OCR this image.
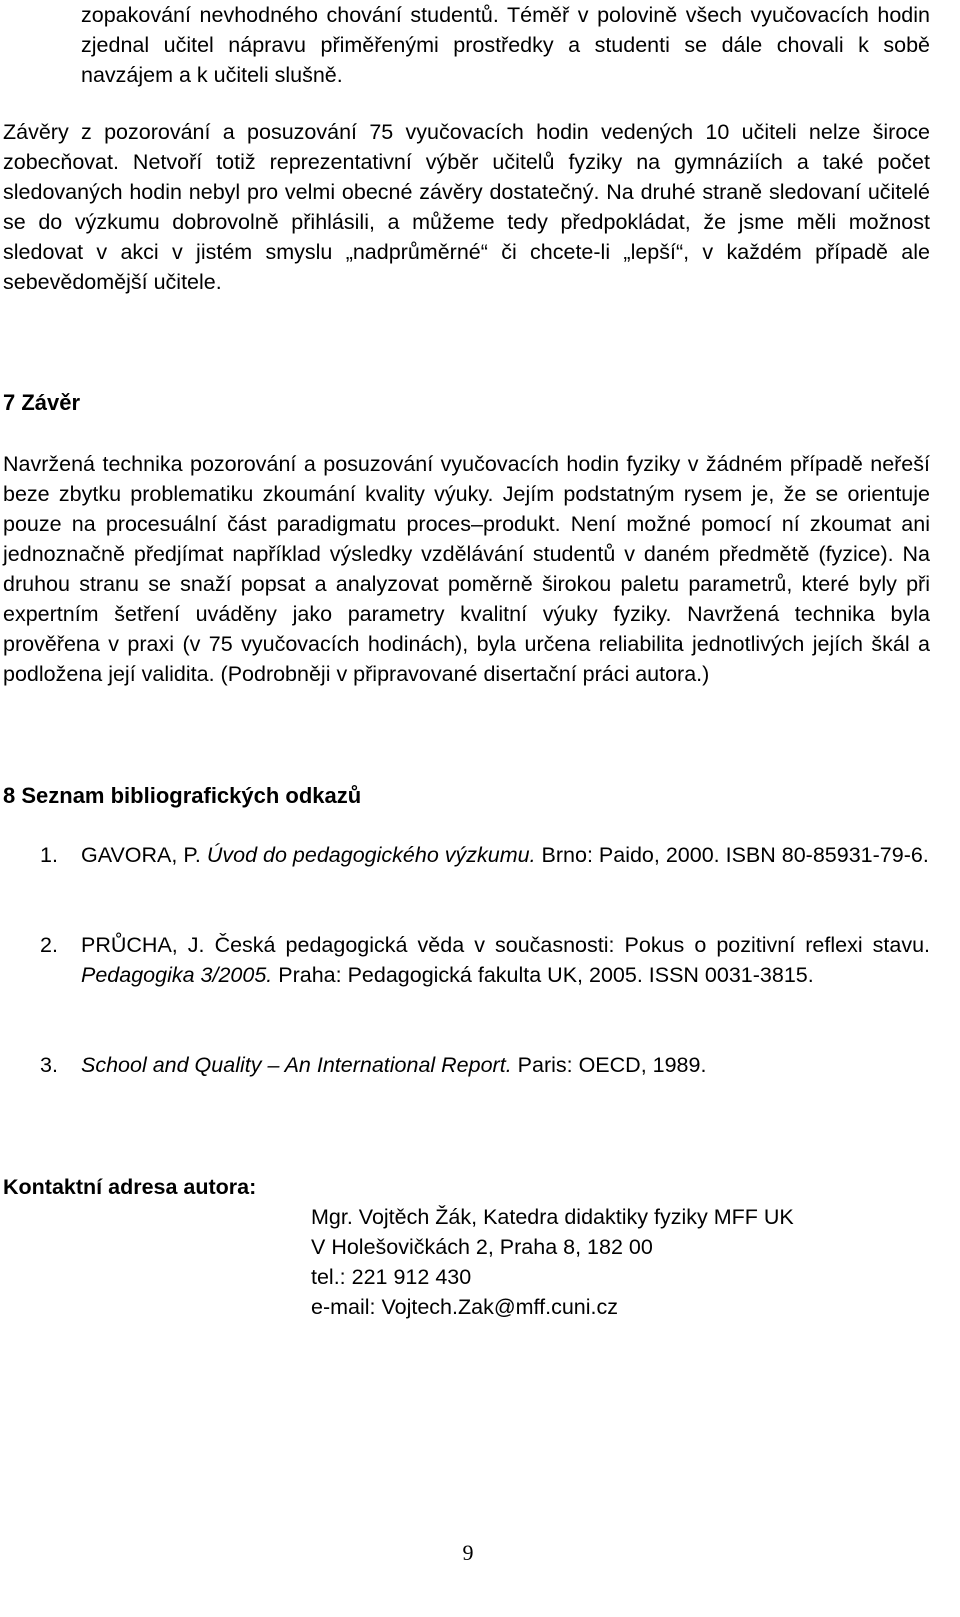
zopakování nevhodného chování studentů. Téměř v polovině všech vyučovacích hodin zjednal učitel nápravu přiměřenými prostředky a studenti se dále chovali k sobě navzájem a k učiteli slušně.

Závěry z pozorování a posuzování 75 vyučovacích hodin vedených 10 učiteli nelze široce zobecňovat. Netvoří totiž reprezentativní výběr učitelů fyziky na gymnáziích a také počet sledovaných hodin nebyl pro velmi obecné závěry dostatečný. Na druhé straně sledovaní učitelé se do výzkumu dobrovolně přihlásili, a můžeme tedy předpokládat, že jsme měli možnost sledovat v akci v jistém smyslu „nadprůměrné“ či chcete-li „lepší“, v každém případě ale sebevědomější učitele.

7 Závěr

Navržená technika pozorování a posuzování vyučovacích hodin fyziky v žádném případě neřeší beze zbytku problematiku zkoumání kvality výuky. Jejím podstatným rysem je, že se orientuje pouze na procesuální část paradigmatu proces–produkt. Není možné pomocí ní zkoumat ani jednoznačně předjímat například výsledky vzdělávání studentů v daném předmětě (fyzice). Na druhou stranu se snaží popsat a analyzovat poměrně širokou paletu parametrů, které byly při expertním šetření uváděny jako parametry kvalitní výuky fyziky. Navržená technika byla prověřena v praxi (v 75 vyučovacích hodinách), byla určena reliabilita jednotlivých jejích škál a podložena její validita. (Podrobněji v připravované disertační práci autora.)

8 Seznam bibliografických odkazů
1.	GAVORA, P. Úvod do pedagogického výzkumu. Brno: Paido, 2000. ISBN 80-85931-79-6.
2.	PRŮCHA, J. Česká pedagogická věda v současnosti: Pokus o pozitivní reflexi stavu. Pedagogika 3/2005. Praha: Pedagogická fakulta UK, 2005. ISSN 0031-3815.
3.	School and Quality – An International Report. Paris: OECD, 1989.
Kontaktní adresa autora:
Mgr. Vojtěch Žák, Katedra didaktiky fyziky MFF UK
V Holešovičkách 2, Praha 8, 182 00
tel.: 221 912 430
e-mail: Vojtech.Zak@mff.cuni.cz
9
